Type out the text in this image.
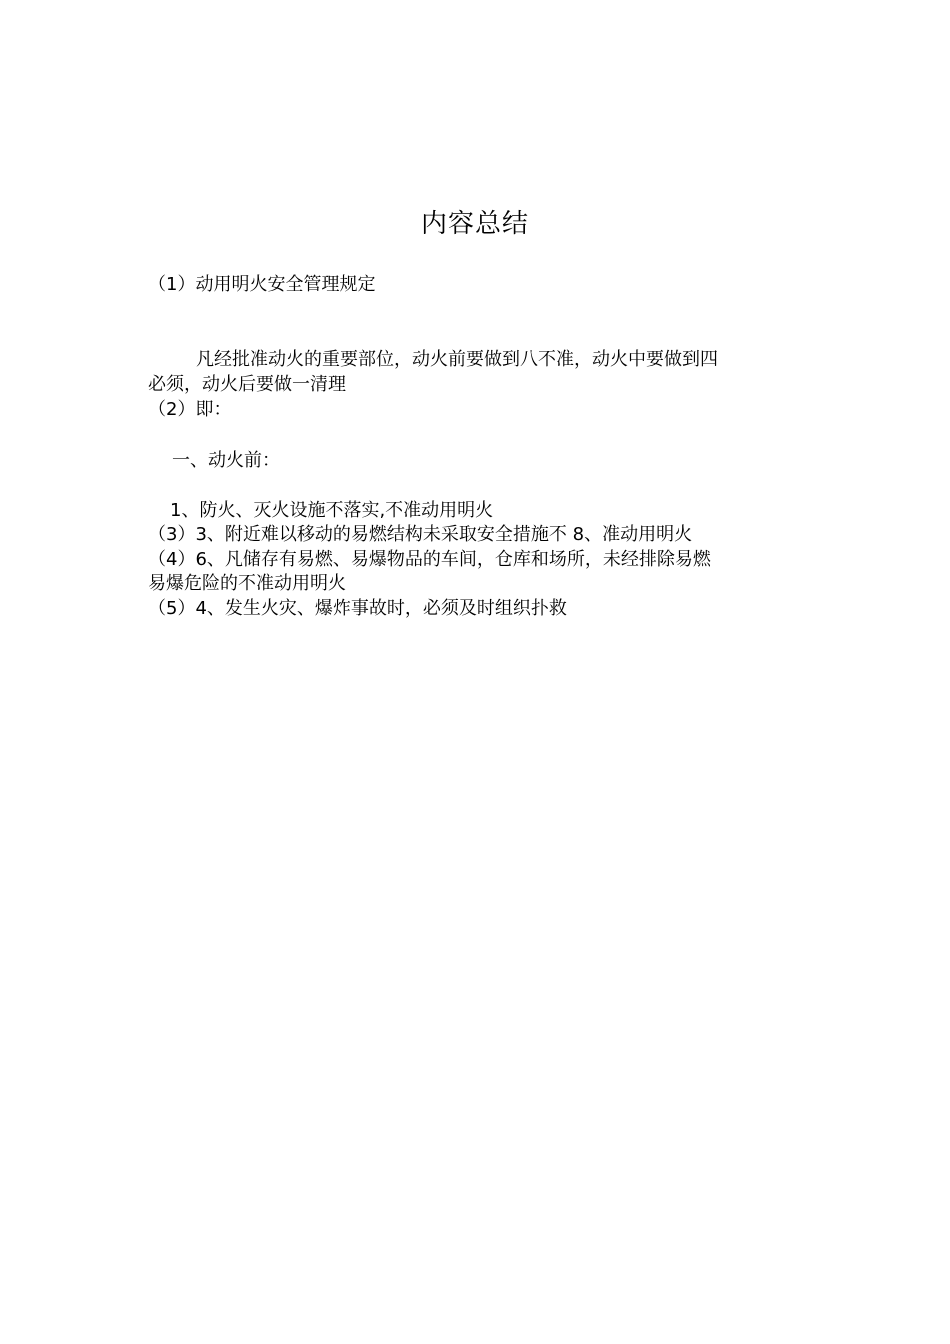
内容总结
（1）动用明火安全管理规定
凡经批准动火的重要部位，动火前要做到八不准，动火中要做到四
必须，动火后要做一清理
（2）即：
一、动火前：
1、防火、灭火设施不落实,不准动用明火
（3）3、附近难以移动的易燃结构未采取安全措施不 8、准动用明火
（4）6、凡储存有易燃、易爆物品的车间，仓库和场所，未经排除易燃
易爆危险的不准动用明火
（5）4、发生火灾、爆炸事故时，必须及时组织扑救
